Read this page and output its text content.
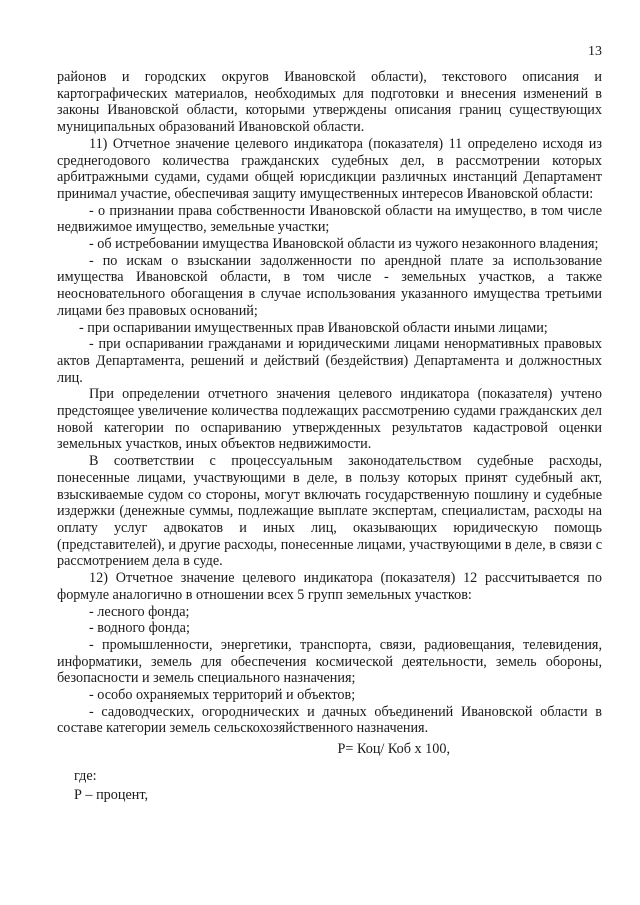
13

районов и городских округов Ивановской области), текстового описания и картографических материалов, необходимых для подготовки и внесения изменений в законы Ивановской области, которыми утверждены описания границ существующих муниципальных образований Ивановской области.

11) Отчетное значение целевого индикатора (показателя) 11 определено исходя из среднегодового количества гражданских судебных дел, в рассмотрении которых арбитражными судами, судами общей юрисдикции различных инстанций Департамент принимал участие, обеспечивая защиту имущественных интересов Ивановской области:

- о признании права собственности Ивановской области на имущество, в том числе недвижимое имущество, земельные участки;

- об истребовании имущества Ивановской области из чужого незаконного владения;

- по искам о взыскании задолженности по арендной плате за использование имущества Ивановской области, в том числе - земельных участков, а также неосновательного обогащения в случае использования указанного имущества третьими лицами без правовых оснований;

- при оспаривании имущественных прав Ивановской области иными лицами;

- при оспаривании гражданами и юридическими лицами ненормативных правовых актов Департамента, решений и действий (бездействия) Департамента и должностных лиц.

При определении отчетного значения целевого индикатора (показателя) учтено предстоящее увеличение количества подлежащих рассмотрению судами гражданских дел новой категории по оспариванию утвержденных результатов кадастровой оценки земельных участков, иных объектов недвижимости.

В соответствии с процессуальным законодательством судебные расходы, понесенные лицами, участвующими в деле, в пользу которых принят судебный акт, взыскиваемые судом со стороны, могут включать государственную пошлину и судебные издержки (денежные суммы, подлежащие выплате экспертам, специалистам, расходы на оплату услуг адвокатов и иных лиц, оказывающих юридическую помощь (представителей), и другие расходы, понесенные лицами, участвующими в деле, в связи с рассмотрением дела в суде.

12) Отчетное значение целевого индикатора (показателя) 12 рассчитывается по формуле аналогично в отношении всех 5 групп земельных участков:

- лесного фонда;

- водного фонда;

- промышленности, энергетики, транспорта, связи, радиовещания, телевидения, информатики, земель для обеспечения космической деятельности, земель обороны, безопасности и земель специального назначения;

- особо охраняемых территорий и объектов;

- садоводческих, огороднических и дачных объединений Ивановской области в составе категории земель сельскохозяйственного назначения.

Р= Коц/ Коб х 100,

где:

Р – процент,
